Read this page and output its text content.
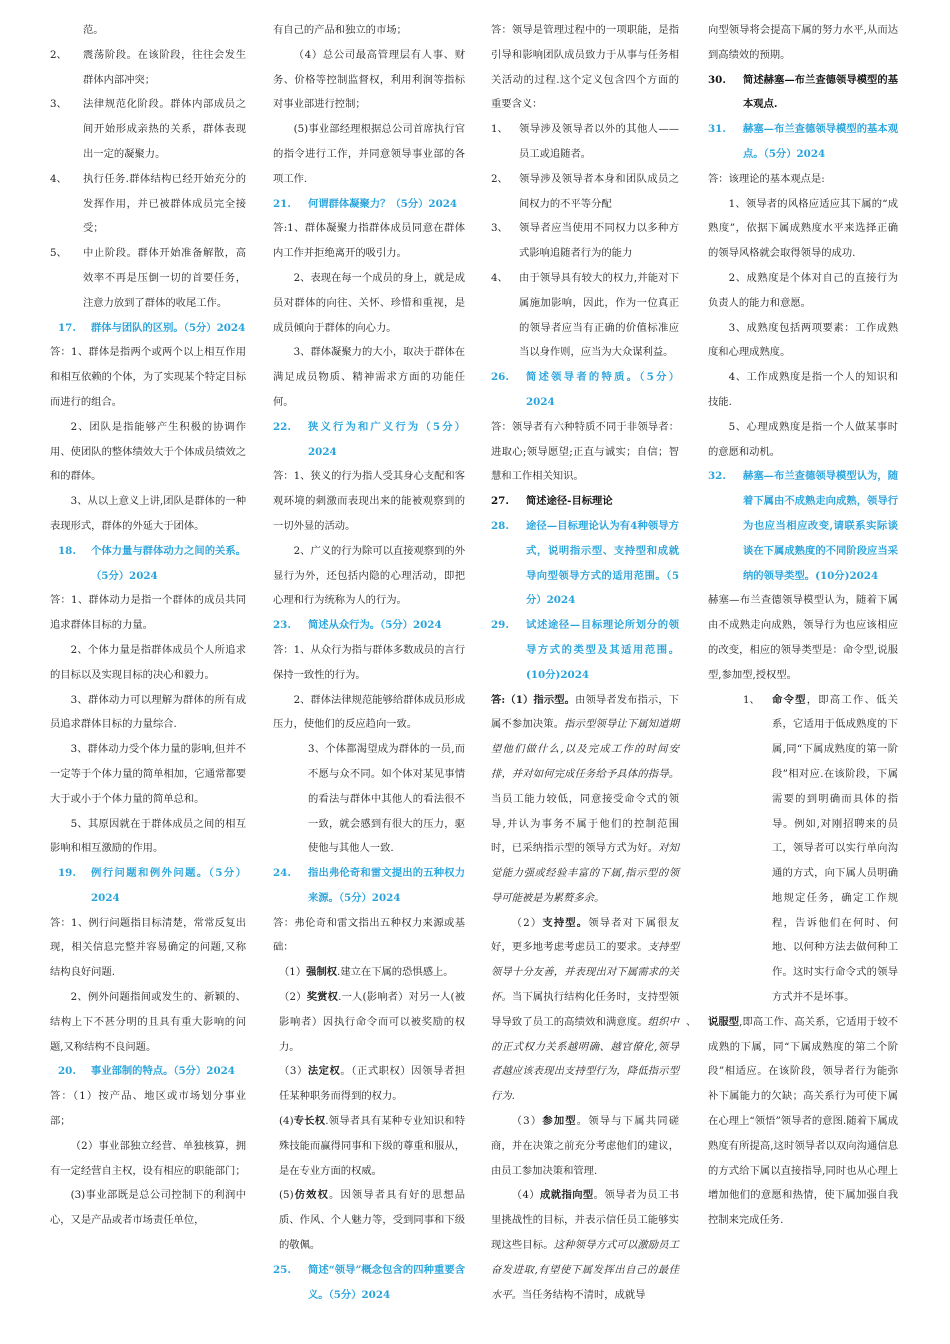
范。

2、	震荡阶段。在该阶段，往往会发生群体内部冲突；
3、	法律规范化阶段。群体内部成员之间开始形成亲热的关系，群体表现出一定的凝聚力。
4、	执行任务.群体结构已经开始充分的发挥作用，并已被群体成员完全接受；
5、	中止阶段。群体开始准备解散，高效率不再是压倒一切的首要任务，注意力放到了群体的收尾工作。
17.	群体与团队的区别。（5分）2024

答：1、群体是指两个或两个以上相互作用和相互依赖的个体，为了实现某个特定目标而进行的组合。

2、团队是指能够产生积极的协调作用、使团队的整体绩效大于个体成员绩效之和的群体。

3、从以上意义上讲,团队是群体的一种表现形式，群体的外延大于团体。

18.	个体力量与群体动力之间的关系。（5分）2024

答：1、群体动力是指一个群体的成员共同追求群体目标的力量。

2、个体力量是指群体成员个人所追求的目标以及实现目标的决心和毅力。

3、群体动力可以理解为群体的所有成员追求群体目标的力量综合.

3、群体动力受个体力量的影响,但并不一定等于个体力量的简单相加，它通常都要大于或小于个体力量的简单总和。

5、其原因就在于群体成员之间的相互影响和相互激励的作用。

19.	例行问题和例外问题。（5分）2024

答：1、例行问题指目标清楚，常常反复出现，相关信息完整并容易确定的问题,又称结构良好问题.

2、例外问题指间或发生的、新颖的、结构上下不甚分明的且具有重大影响的问题,又称结构不良问题。

20.	事业部制的特点。（5分）2024

答：（1）按产品、地区或市场划分事业部；

（2）事业部独立经营、单独核算，拥有一定经营自主权，设有相应的职能部门；

(3)事业部既是总公司控制下的利润中心，又是产品或者市场责任单位，

有自己的产品和独立的市场；

（4）总公司最高管理层有人事、财务、价格等控制监督权，利用利润等指标对事业部进行控制；

(5)事业部经理根据总公司首席执行官的指令进行工作，并同意领导事业部的各项工作.

21.	何谓群体凝聚力？（5分）2024

答:1、群体凝聚力指群体成员同意在群体内工作并拒绝离开的吸引力。

2、表现在每一个成员的身上，就是成员对群体的向往、关怀、珍惜和重视，是成员倾向于群体的向心力。

3、群体凝聚力的大小，取决于群体在满足成员物质、精神需求方面的功能任何。

22.	狭义行为和广义行为（5分）2024

答：1、狭义的行为指人受其身心支配和客观环境的刺激而表现出来的能被观察到的一切外显的活动。

2、广义的行为除可以直接观察到的外显行为外，还包括内隐的心理活动，即把心理和行为统称为人的行为。

23.	简述从众行为。（5分）2024

答：1、从众行为指与群体多数成员的言行保持一致性的行为。

2、群体法律规范能够给群体成员形成压力，使他们的反应趋向一致。

3、个体都渴望成为群体的一员,而不愿与众不同。如个体对某见事情的看法与群体中其他人的看法很不一致，就会感到有很大的压力，驱使他与其他人一致.

24.	指出弗伦奇和雷文提出的五种权力来源。（5分）2024

答：弗伦奇和雷文指出五种权力来源或基础：

（1）强制权.建立在下属的恐惧感上。

（2）奖赏权.一人(影响者）对另一人(被影响者）因执行命令而可以被奖励的权力。

（3）法定权。（正式职权）因领导者担任某种职务而得到的权力。

(4)专长权.领导者具有某种专业知识和特殊技能而赢得同事和下级的尊重和服从，是在专业方面的权威。

(5)仿效权。因领导者具有好的思想品质、作风、个人魅力等，受到同事和下级的敬佩。

25.	简述“领导”概念包含的四种重要含义。（5分）2024

答：领导是管理过程中的一项职能，是指引导和影响团队成员致力于从事与任务相关活动的过程.这个定义包含四个方面的重要含义：

1、	领导涉及领导者以外的其他人——员工或追随者。
2、	领导涉及领导者本身和团队成员之间权力的不平等分配
3、	领导者应当使用不同权力以多种方式影响追随者行为的能力
4、	由于领导具有较大的权力,并能对下属施加影响，因此，作为一位真正的领导者应当有正确的价值标准应当以身作则，应当为大众谋利益。
26.	简述领导者的特质。（5分）2024

答：领导者有六种特质不同于非领导者：进取心;领导愿望;正直与诚实；自信；智慧和工作相关知识。

27.	简述途径-目标理论
28.	途径—目标理论认为有4种领导方式，说明指示型、支持型和成就导向型领导方式的适用范围。（5分）2024
29.	试述途径—目标理论所划分的领导方式的类型及其适用范围。(10分)2024

答:（1）指示型。由领导者发布指示，下属不参加决策。指示型领导让下属知道期望他们做什么,以及完成工作的时间安排，并对如何完成任务给予具体的指导。当员工能力较低，同意接受命令式的领导,并认为事务不属于他们的控制范围时，已采纳指示型的领导方式为好。对知觉能力强或经验丰富的下属,指示型的领导可能被是为累赘多余。

（2）支持型。领导者对下属很友好，更多地考虑考虑员工的要求。支持型领导十分友善，并表现出对下属需求的关怀。当下属执行结构化任务时，支持型领导导致了员工的高绩效和满意度。组织中的正式权力关系越明确、越官僚化,领导者越应该表现出支持型行为，降低指示型行为.

（3）参加型。领导与下属共同磋商，并在决策之前充分考虑他们的建议，由员工参加决策和管理.

（4）成就指向型。领导者为员工书里挑战性的目标，并表示信任员工能够实现这些目标。这种领导方式可以激励员工奋发进取,有望使下属发挥出自己的最佳水平。当任务结构不清时，成就导

向型领导将会提高下属的努力水平,从而达到高绩效的预期。

30.	简述赫塞—布兰查德领导模型的基本观点.
31.	赫塞—布兰查德领导模型的基本观点。（5分）2024

答：该理论的基本观点是:

1、领导者的风格应适应其下属的“成熟度”，依据下属成熟度水平来选择正确的领导风格就会取得领导的成功.

2、成熟度是个体对自己的直接行为负责人的能力和意愿。

3、成熟度包括两项要素：工作成熟度和心理成熟度。

4、工作成熟度是指一个人的知识和技能.

5、心理成熟度是指一个人做某事时的意愿和动机。

32.	赫塞—布兰查德领导模型认为，随着下属由不成熟走向成熟，领导行为也应当相应改变,请联系实际谈谈在下属成熟度的不同阶段应当采纳的领导类型。(10分)2024

赫塞—布兰查德领导模型认为，随着下属由不成熟走向成熟，领导行为也应该相应的改变，相应的领导类型是：命令型,说服型,参加型,授权型。

1、	命令型，即高工作、低关系，它适用于低成熟度的下属,同“下属成熟度的第一阶段”相对应.在该阶段，下属需要的到明确而具体的指导。例如,对刚招聘来的员工，领导者可以实行单向沟通的方式，向下属人员明确地规定任务，确定工作规程，告诉他们在何时、何地、以何种方法去做何种工作。这时实行命令式的领导方式并不是坏事。
、	说服型,即高工作、高关系，它适用于较不成熟的下属，同“下属成熟度的第二个阶段”相适应。在该阶段，领导者行为能弥补下属能力的欠缺；高关系行为可使下属在心理上“领悟”领导者的意图.随着下属成熟度有所提高,这时领导者以双向沟通信息的方式给下属以直接指导,同时也从心理上增加他们的意愿和热情，使下属加强自我控制来完成任务.
